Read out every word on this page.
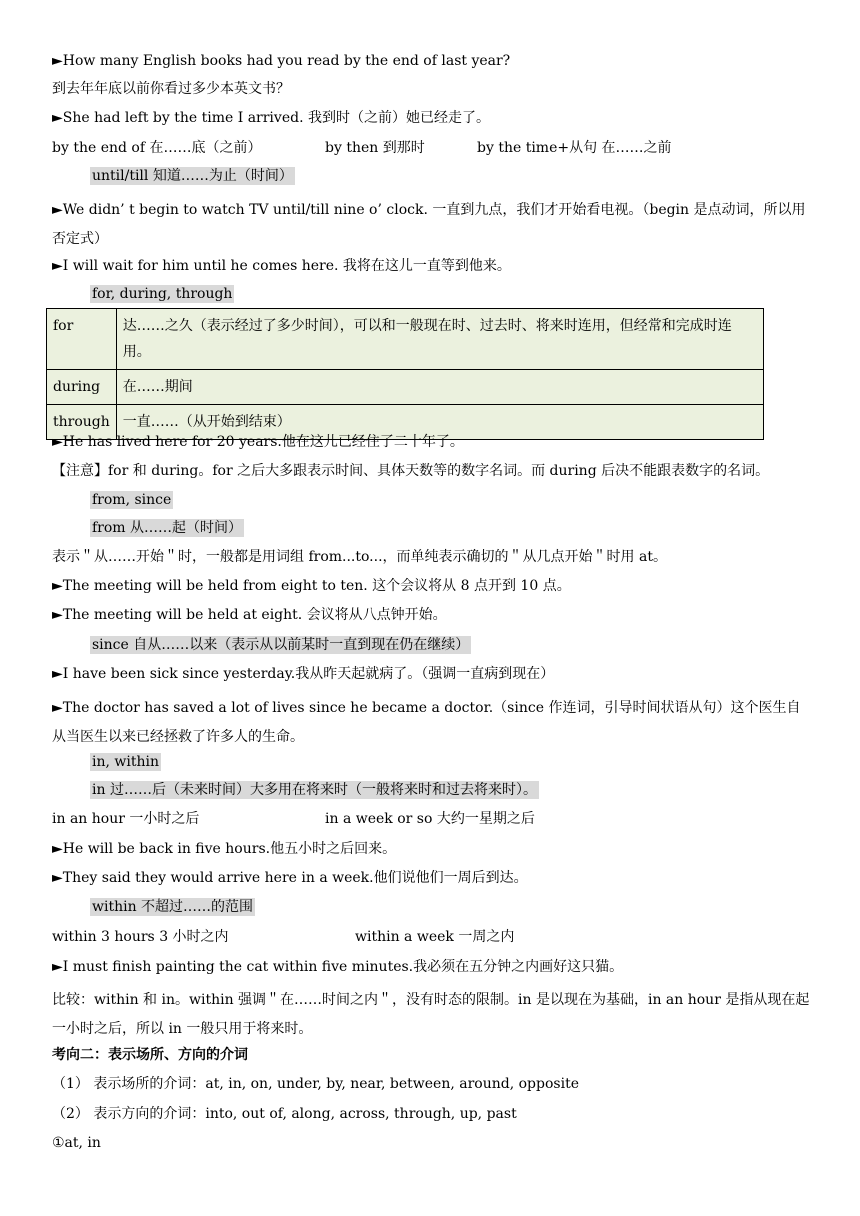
►How many English books had you read by the end of last year?
到去年年底以前你看过多少本英文书？
►She had left by the time I arrived. 我到时（之前）她已经走了。
by the end of 在……底（之前）	by then 到那时	by the time+从句 在……之前
until/till 知道……为止（时间）
►We didn’ t begin to watch TV until/till nine o’ clock. 一直到九点，我们才开始看电视。（begin 是点动词，所以用否定式）
►I will wait for him until he comes here. 我将在这儿一直等到他来。
for, during, through
for	达……之久（表示经过了多少时间），可以和一般现在时、过去时、将来时连用，但经常和完成时连用。
during	在……期间
through	一直……（从开始到结束）
►He has lived here for 20 years.他在这儿已经住了二十年了。
【注意】for 和 during。for 之后大多跟表示时间、具体天数等的数字名词。而 during 后决不能跟表数字的名词。
from, since
from 从……起（时间）
表示＂从……开始＂时，一般都是用词组 from...to...，而单纯表示确切的＂从几点开始＂时用 at。
►The meeting will be held from eight to ten. 这个会议将从 8 点开到 10 点。
►The meeting will be held at eight. 会议将从八点钟开始。
since 自从……以来（表示从以前某时一直到现在仍在继续）
►I have been sick since yesterday.我从昨天起就病了。（强调一直病到现在）
►The doctor has saved a lot of lives since he became a doctor.（since 作连词，引导时间状语从句）这个医生自从当医生以来已经拯救了许多人的生命。
in, within
in 过……后（未来时间）大多用在将来时（一般将来时和过去将来时）。
in an hour 一小时之后	in a week or so 大约一星期之后
►He will be back in five hours.他五小时之后回来。
►They said they would arrive here in a week.他们说他们一周后到达。
within 不超过……的范围
within 3 hours 3 小时之内	within a week 一周之内
►I must finish painting the cat within five minutes.我必须在五分钟之内画好这只猫。
比较：within 和 in。within 强调＂在……时间之内＂，没有时态的限制。in 是以现在为基础，in an hour 是指从现在起一小时之后，所以 in 一般只用于将来时。
考向二：表示场所、方向的介词
（1） 表示场所的介词：at, in, on, under, by, near, between, around, opposite
（2） 表示方向的介词：into, out of, along, across, through, up, past
①at, in
